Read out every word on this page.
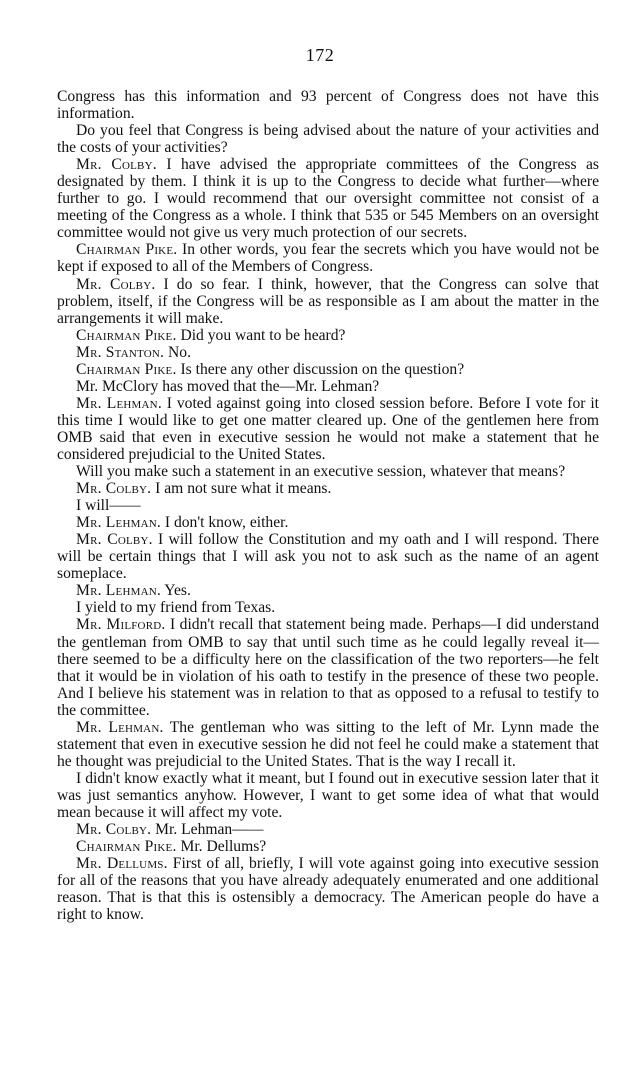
172

Congress has this information and 93 percent of Congress does not have this information.

Do you feel that Congress is being advised about the nature of your activities and the costs of your activities?

Mr. Colby. I have advised the appropriate committees of the Congress as designated by them. I think it is up to the Congress to decide what further—where further to go. I would recommend that our oversight committee not consist of a meeting of the Congress as a whole. I think that 535 or 545 Members on an oversight committee would not give us very much protection of our secrets.

Chairman Pike. In other words, you fear the secrets which you have would not be kept if exposed to all of the Members of Congress.

Mr. Colby. I do so fear. I think, however, that the Congress can solve that problem, itself, if the Congress will be as responsible as I am about the matter in the arrangements it will make.

Chairman Pike. Did you want to be heard?

Mr. Stanton. No.

Chairman Pike. Is there any other discussion on the question?

Mr. McClory has moved that the—Mr. Lehman?

Mr. Lehman. I voted against going into closed session before. Before I vote for it this time I would like to get one matter cleared up. One of the gentlemen here from OMB said that even in executive session he would not make a statement that he considered prejudicial to the United States.

Will you make such a statement in an executive session, whatever that means?

Mr. Colby. I am not sure what it means.

I will——

Mr. Lehman. I don't know, either.

Mr. Colby. I will follow the Constitution and my oath and I will respond. There will be certain things that I will ask you not to ask such as the name of an agent someplace.

Mr. Lehman. Yes.

I yield to my friend from Texas.

Mr. Milford. I didn't recall that statement being made. Perhaps—I did understand the gentleman from OMB to say that until such time as he could legally reveal it—there seemed to be a difficulty here on the classification of the two reporters—he felt that it would be in violation of his oath to testify in the presence of these two people. And I believe his statement was in relation to that as opposed to a refusal to testify to the committee.

Mr. Lehman. The gentleman who was sitting to the left of Mr. Lynn made the statement that even in executive session he did not feel he could make a statement that he thought was prejudicial to the United States. That is the way I recall it.

I didn't know exactly what it meant, but I found out in executive session later that it was just semantics anyhow. However, I want to get some idea of what that would mean because it will affect my vote.

Mr. Colby. Mr. Lehman——

Chairman Pike. Mr. Dellums?

Mr. Dellums. First of all, briefly, I will vote against going into executive session for all of the reasons that you have already adequately enumerated and one additional reason. That is that this is ostensibly a democracy. The American people do have a right to know.
